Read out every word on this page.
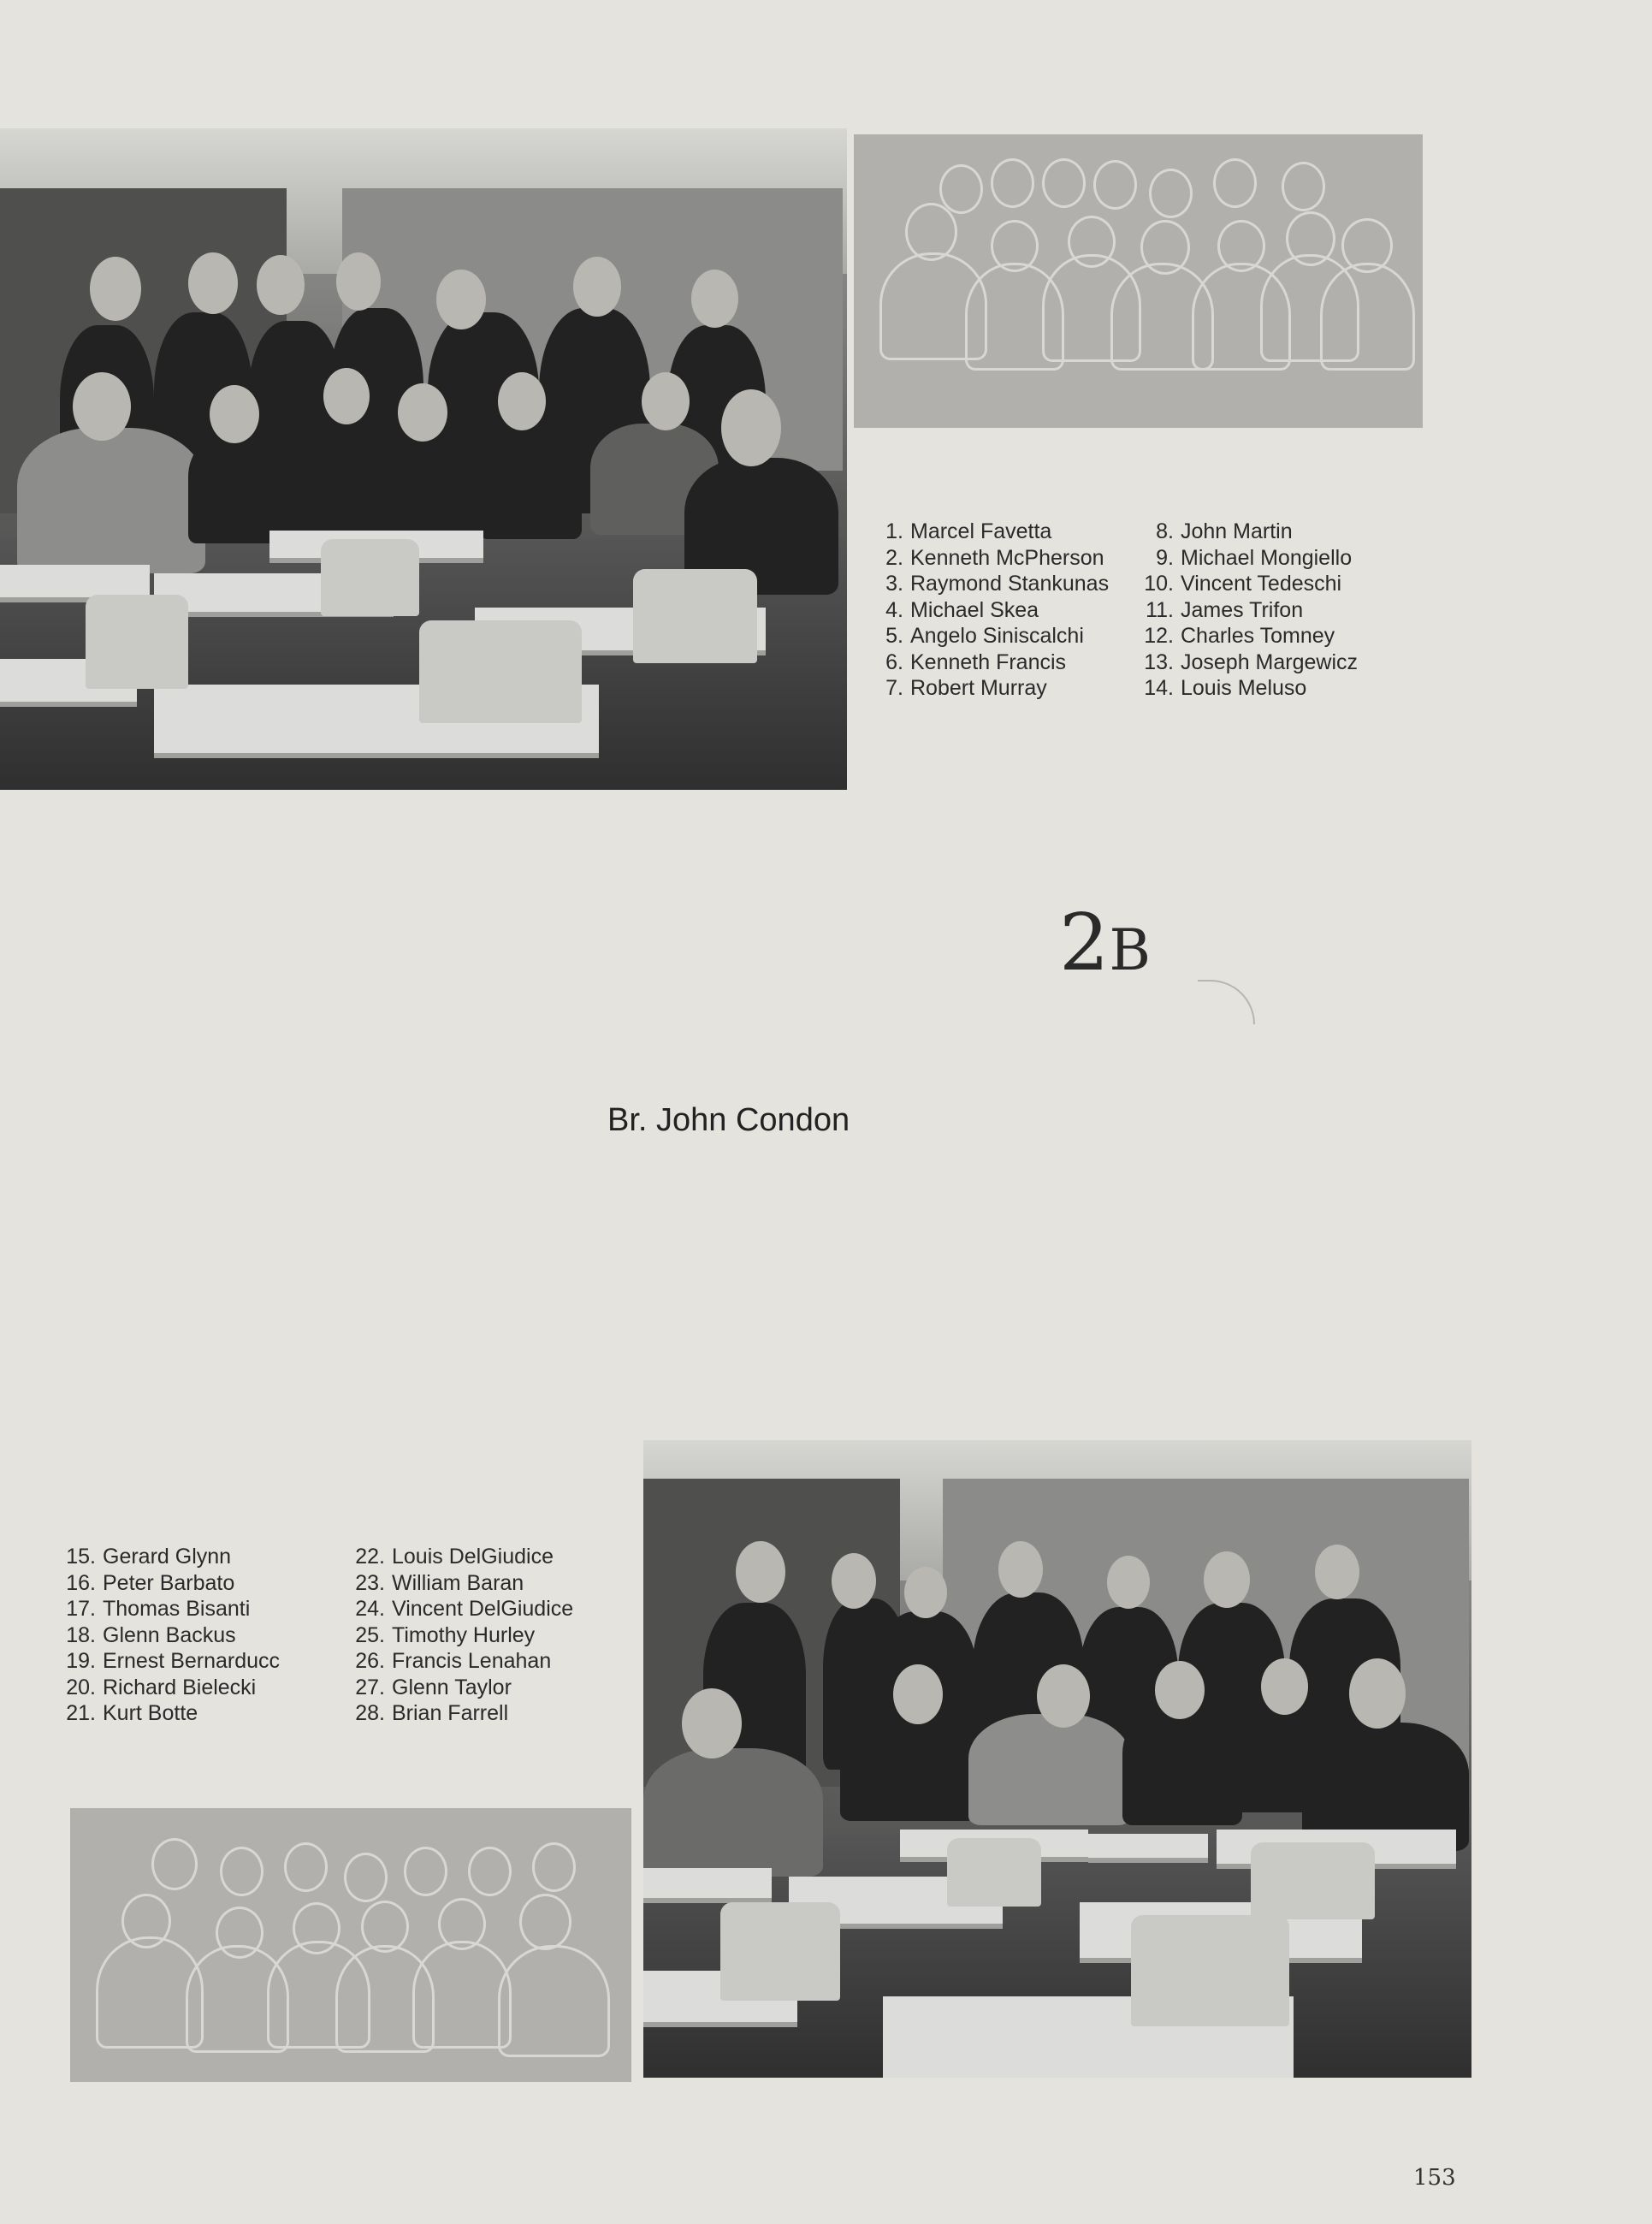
1. Marcel Favetta
2. Kenneth McPherson
3. Raymond Stankunas
4. Michael Skea
5. Angelo Siniscalchi
6. Kenneth Francis
7. Robert Murray
8. John Martin
9. Michael Mongiello
10. Vincent Tedeschi
11. James Trifon
12. Charles Tomney
13. Joseph Margewicz
14. Louis Meluso
2B
Br. John Condon
15. Gerard Glynn
16. Peter Barbato
17. Thomas Bisanti
18. Glenn Backus
19. Ernest Bernarducc
20. Richard Bielecki
21. Kurt Botte
22. Louis DelGiudice
23. William Baran
24. Vincent DelGiudice
25. Timothy Hurley
26. Francis Lenahan
27. Glenn Taylor
28. Brian Farrell
153
